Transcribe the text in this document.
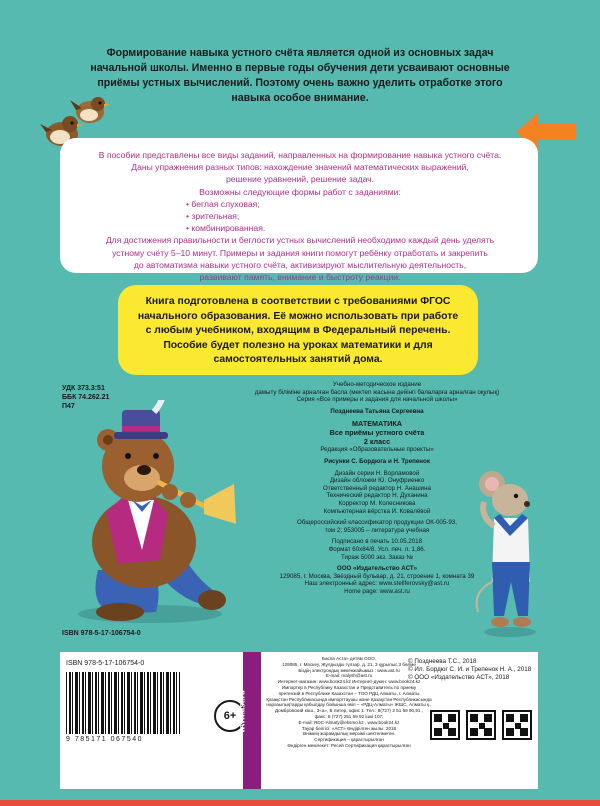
Формирование навыка устного счёта является одной из основных задач
начальной школы. Именно в первые годы обучения дети усваивают основные
приёмы устных вычислений. Поэтому очень важно уделить отработке этого
навыка особое внимание.
В пособии представлены все виды заданий, направленных на формирование навыка устного счёта.
Даны упражнения разных типов: нахождение значений математических выражений,
решение уравнений, решение задач.
Возможны следующие формы работ с заданиями:
• беглая слуховая;
• зрительная;
• комбинированная.
Для достижения правильности и беглости устных вычислений необходимо каждый день уделять
устному счёту 5–10 минут. Примеры и задания книги помогут ребёнку отработать и закрепить
до автоматизма навыки устного счёта, активизируют мыслительную деятельность,
развивают память, внимание и быстроту реакции.
Книга подготовлена в соответствии с требованиями ФГОС
начального образования. Её можно использовать при работе
с любым учебником, входящим в Федеральный перечень.
Пособие будет полезно на уроках математики и для
самостоятельных занятий дома.
УДК 373.3:51
ББК 74.262.21
П47
ISBN 978-5-17-106754-0
Учебно-методическое издание
дамыту бiлiмiне арналған басла (мектеп жасына дейiнгi балаларға арналған оқулық)
Серия «Все примеры и задания для начальной школы»
Позднеева Татьяна Сергеевна
МАТЕМАТИКА
Все приёмы устного счёта
2 класс
Редакция «Образовательные проекты»
Рисунки С. Бордюга и Н. Трепенок
Дизайн серии Н. Ворламовой
Дизайн обложки Ю. Онуфриенко
Ответственный редактор Н. Анашина
Технический редактор Н. Духанина
Корректор М. Колесникова
Компьютерная вёрстка И. Ковалёвой
Общероссийский классификатор продукции ОК-005-93,
том 2; 953005 – литература учебная
Подписано в печать 10.05.2018
Формат 60x84/8. Усл. печ. л. 1,86.
Тираж 5000 экз. Заказ №
ООО «Издательство АСТ»
129085, г. Москва, Звёздный бульвар, д. 21, строение 1, комната 39
Наш электронный адрес: www.stellferovsky@ast.ru
Home page: www.ast.ru
ISBN 978-5-17-106754-0
9 785171 067540
6+ www.ast.ru
Баспа Аста» детям ООО.
129085, г. Мәскеу, Жұлдызды гүлзар, д. 21, 3 құрылыс,3 бөлме
Біздің электрондық мекенжайымыз : www.ast.ru
E-mail: malysh@ast.ru
Интернет-магазин: www.book24.kz Интернет-дүкен: www.book24.kz
Импортер в Республику Казахстан и Представитель по приему
претензий в Республике Казахстан – ТОО РДЦ Алматы, г. Алматы
Қазақстан Республикасында импорттаушы және Қазақстан Республикасында
наразылықтарды қабылдау бойынша өкіл – «РДЦ-Алматы» ЖШС, Алматы қ.,
Домбровский көш., 3«а», Б литер, офис 1. Тел.: 8(727) 2 51 59 90,91 ,
факс: 8 (727) 251 59 92 ішкі 107;
E-mail: RDC-Almaty@eksmo.kz , www.book24.kz
Тауар белгісі: «АСТ» Өндірілген жылы: 2018
Өнімнің жарамдылық мерзімі шектелмеген.
Сертификация – қарастырылған
Өндірген мемлекет: Ресей Сертификация қарастырылған
© Позднеева Т.С., 2018
© Ил. Бордюг С. И. и Трепенок Н. А., 2018
© ООО «Издательство АСТ», 2018
